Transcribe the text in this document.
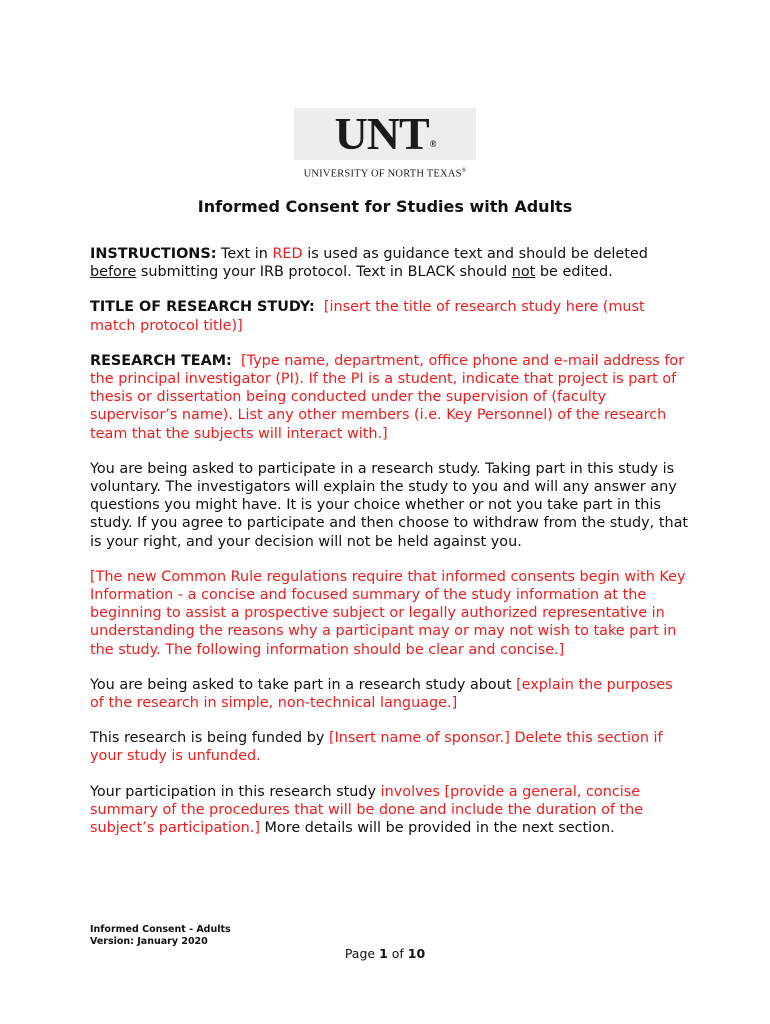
UNT®
UNIVERSITY OF NORTH TEXAS®
Informed Consent for Studies with Adults

INSTRUCTIONS: Text in RED is used as guidance text and should be deleted before submitting your IRB protocol. Text in BLACK should not be edited.

TITLE OF RESEARCH STUDY: [insert the title of research study here (must match protocol title)]

RESEARCH TEAM: [Type name, department, office phone and e-mail address for the principal investigator (PI). If the PI is a student, indicate that project is part of thesis or dissertation being conducted under the supervision of (faculty supervisor’s name). List any other members (i.e. Key Personnel) of the research team that the subjects will interact with.]

You are being asked to participate in a research study. Taking part in this study is voluntary. The investigators will explain the study to you and will any answer any questions you might have. It is your choice whether or not you take part in this study. If you agree to participate and then choose to withdraw from the study, that is your right, and your decision will not be held against you.

[The new Common Rule regulations require that informed consents begin with Key Information - a concise and focused summary of the study information at the beginning to assist a prospective subject or legally authorized representative in understanding the reasons why a participant may or may not wish to take part in the study. The following information should be clear and concise.]

You are being asked to take part in a research study about [explain the purposes of the research in simple, non-technical language.]

This research is being funded by [Insert name of sponsor.] Delete this section if your study is unfunded.

Your participation in this research study involves [provide a general, concise summary of the procedures that will be done and include the duration of the subject’s participation.] More details will be provided in the next section.

Informed Consent - Adults
Version: January 2020
Page 1 of 10
